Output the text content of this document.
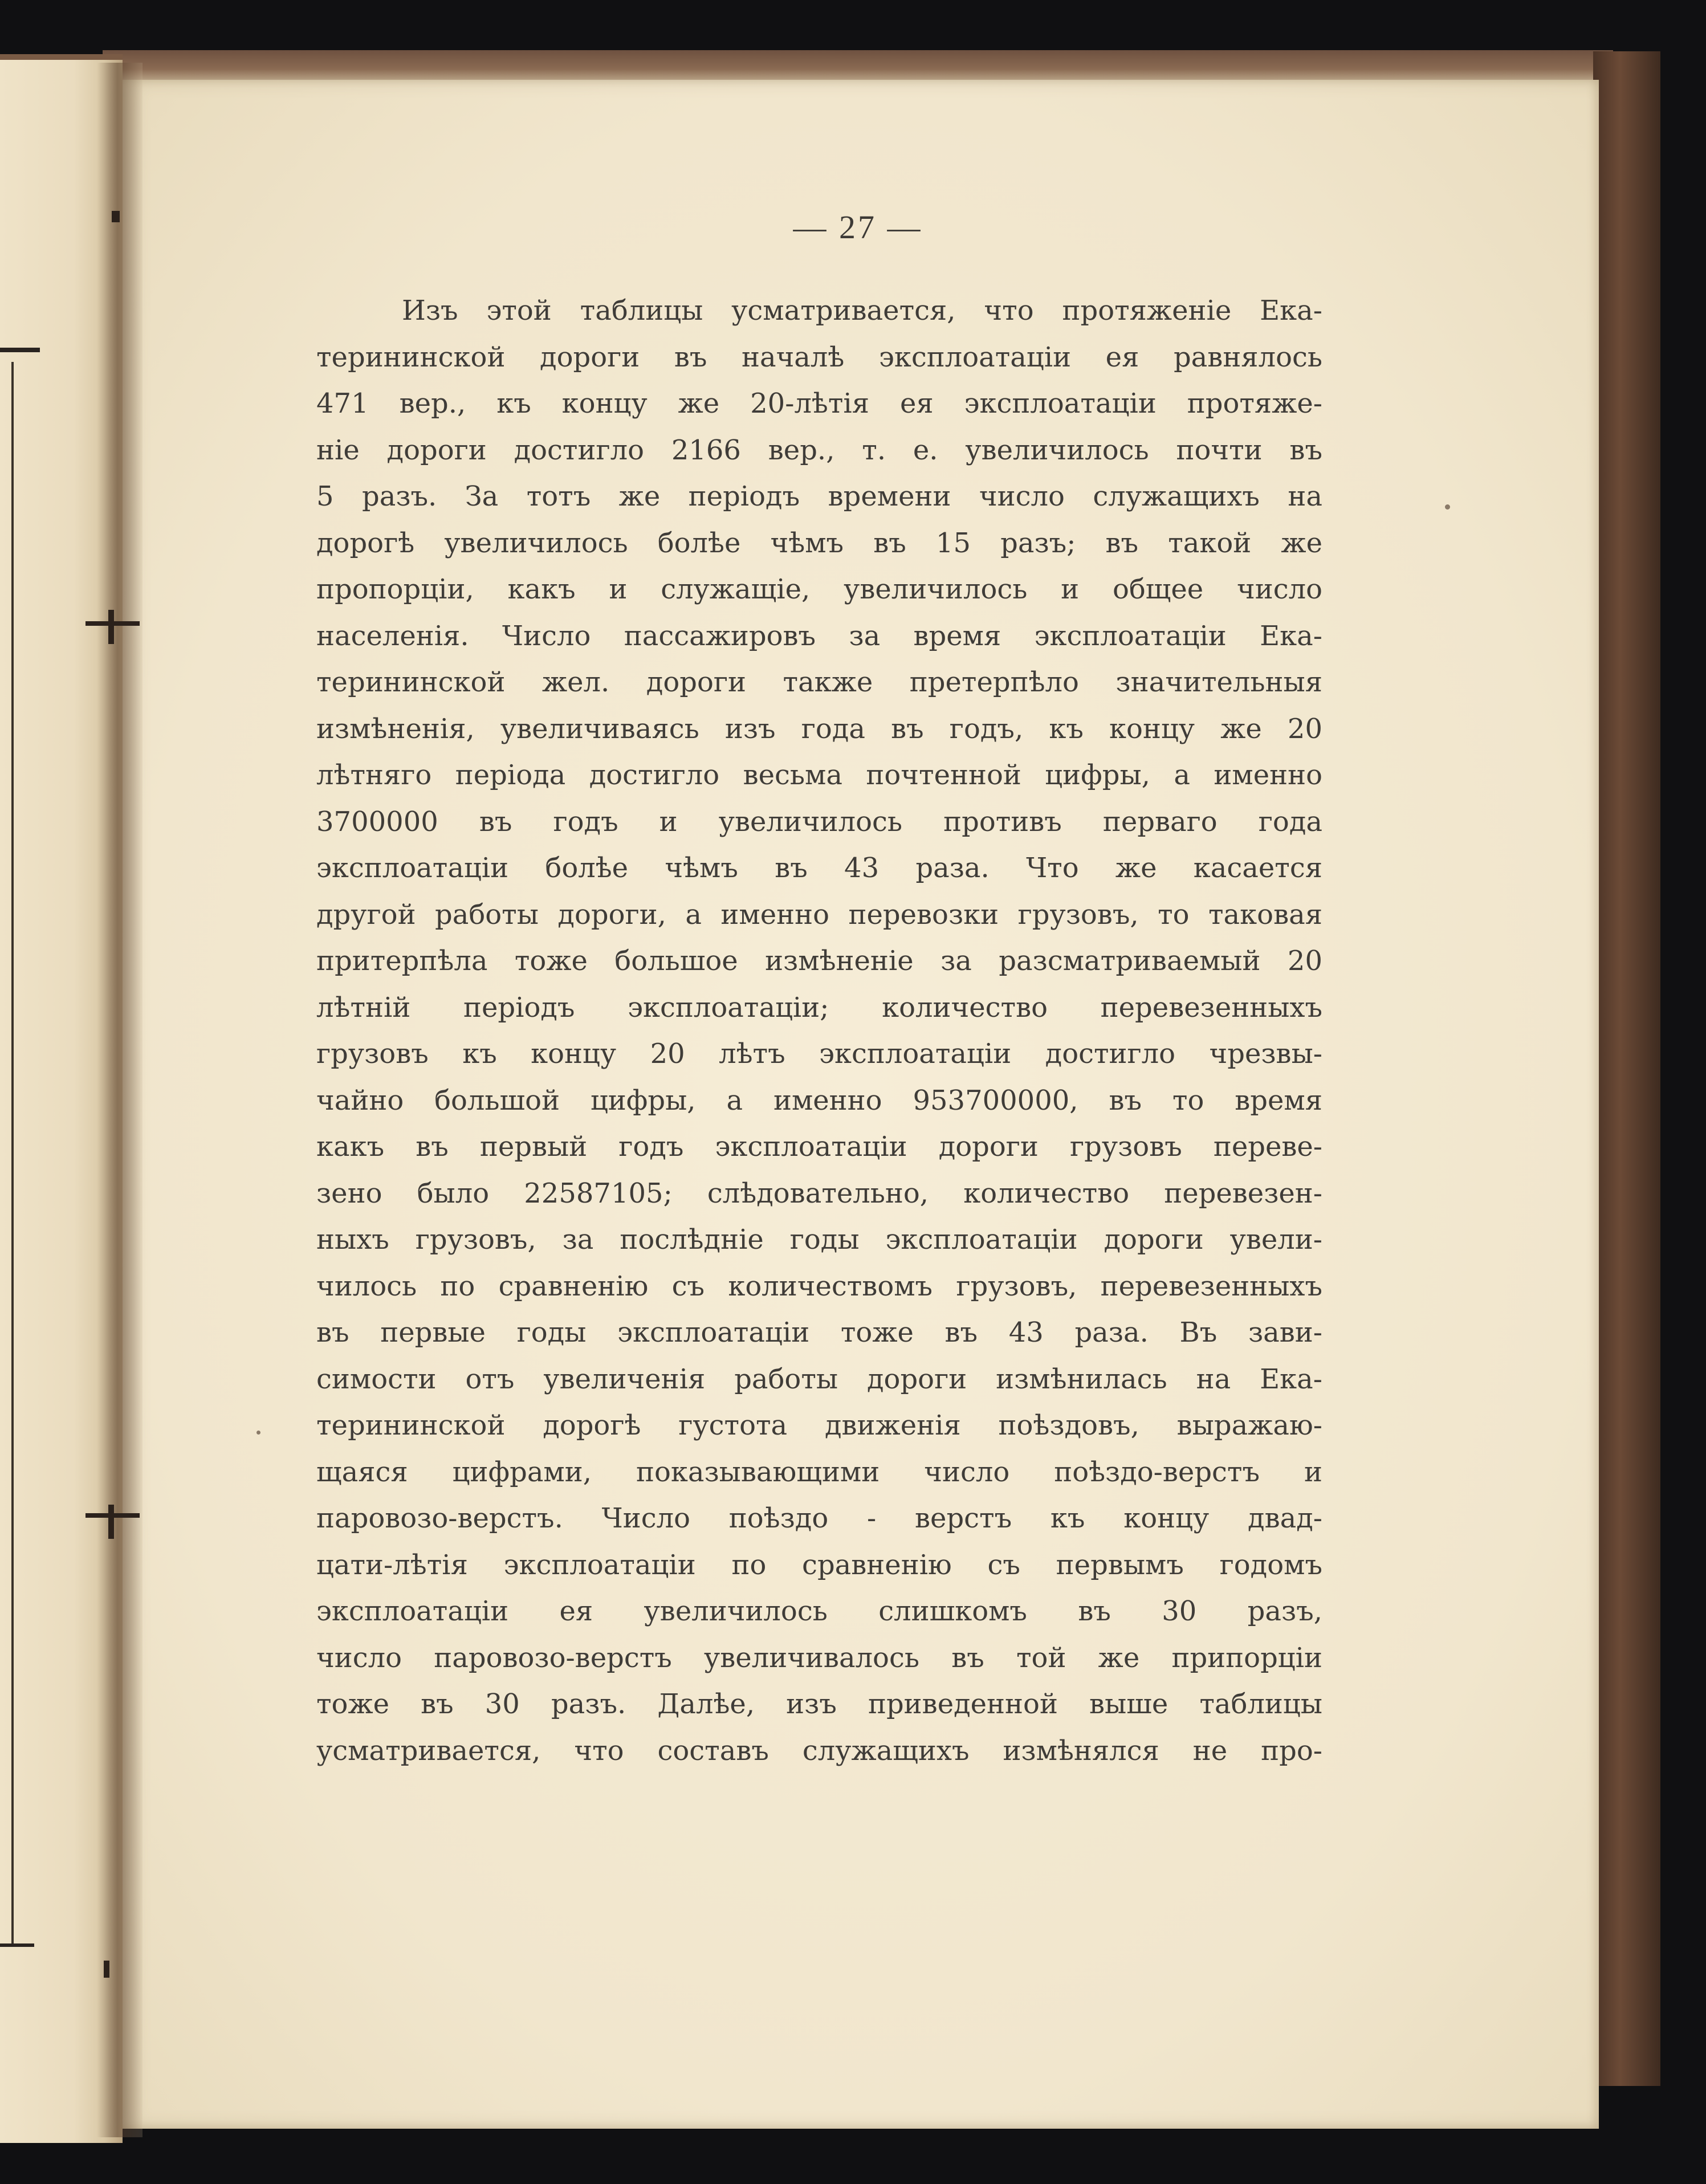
— 27 —
Изъ этой таблицы усматривается, что протяженіе Ека-
терининской дороги въ началѣ эксплоатаціи ея равнялось
471 вер., къ концу же 20-лѣтія ея эксплоатаціи протяже-
ніе дороги достигло 2166 вер., т. е. увеличилось почти въ
5 разъ. За тотъ же періодъ времени число служащихъ на
дорогѣ увеличилось болѣе чѣмъ въ 15 разъ; въ такой же
пропорціи, какъ и служащіе, увеличилось и общее число
населенія. Число пассажировъ за время эксплоатаціи Ека-
терининской жел. дороги также претерпѣло значительныя
измѣненія, увеличиваясь изъ года въ годъ, къ концу же 20
лѣтняго періода достигло весьма почтенной цифры, а именно
3700000 въ годъ и увеличилось противъ перваго года
эксплоатаціи болѣе чѣмъ въ 43 раза. Что же касается
другой работы дороги, а именно перевозки грузовъ, то таковая
притерпѣла тоже большое измѣненіе за разсматриваемый 20
лѣтній періодъ эксплоатаціи; количество перевезенныхъ
грузовъ къ концу 20 лѣтъ эксплоатаціи достигло чрезвы-
чайно большой цифры, а именно 953700000, въ то время
какъ въ первый годъ эксплоатаціи дороги грузовъ переве-
зено было 22587105; слѣдовательно, количество перевезен-
ныхъ грузовъ, за послѣдніе годы эксплоатаціи дороги увели-
чилось по сравненію съ количествомъ грузовъ, перевезенныхъ
въ первые годы эксплоатаціи тоже въ 43 раза. Въ зави-
симости отъ увеличенія работы дороги измѣнилась на Ека-
терининской дорогѣ густота движенія поѣздовъ, выражаю-
щаяся цифрами, показывающими число поѣздо-верстъ и
паровозо-верстъ. Число поѣздо - верстъ къ концу двад-
цати-лѣтія эксплоатаціи по сравненію съ первымъ годомъ
эксплоатаціи ея увеличилось слишкомъ въ 30 разъ,
число паровозо-верстъ увеличивалось въ той же припорціи
тоже въ 30 разъ. Далѣе, изъ приведенной выше таблицы
усматривается, что составъ служащихъ измѣнялся не про-
